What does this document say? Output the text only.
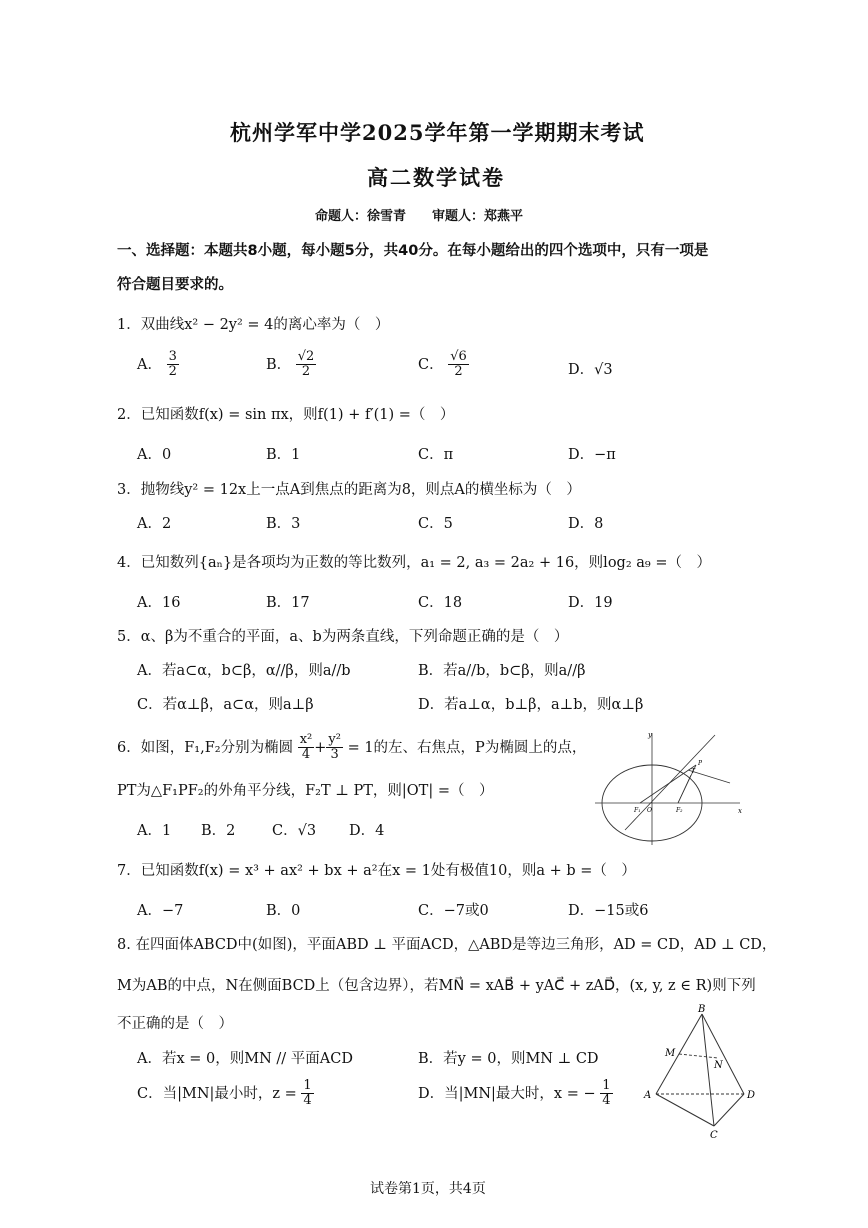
杭州学军中学2025学年第一学期期末考试
高二数学试卷
命题人：徐雪青　　审题人：郑燕平
一、选择题：本题共8小题，每小题5分，共40分。在每小题给出的四个选项中，只有一项是
符合题目要求的。
1．双曲线x² − 2y² = 4的离心率为（　）
A． $\frac{3}{2}$	B． $\frac{√2}{2}$	C． $\frac{√6}{2}$	D．√3
2．已知函数f(x) = sin πx，则f(1) + f′(1) =（　）
A．0	B．1	C．π	D．−π
3．抛物线y² = 12x上一点A到焦点的距离为8，则点A的横坐标为（　）
A．2	B．3	C．5	D．8
4．已知数列{aₙ}是各项均为正数的等比数列，a₁ = 2, a₃ = 2a₂ + 16，则log₂ a₉ =（　）
A．16	B．17	C．18	D．19
5．α、β为不重合的平面，a、b为两条直线，下列命题正确的是（　）
A．若a⊂α，b⊂β，α//β，则a//b	B．若a//b，b⊂β，则a//β
C．若α⊥β，a⊂α，则a⊥β	D．若a⊥α，b⊥β，a⊥b，则α⊥β
6．如图，F₁,F₂分别为椭圆 $\frac{\text{x²}}{4} + \frac{\text{y²}}{3} = 1$的左、右焦点，P为椭圆上的点，
PT为△F₁PF₂的外角平分线，F₂T ⊥ PT，则|OT| =（　）
A．1 B．2	C．√3 D．4
y
x
O
F₁	F₂
P
T
7．已知函数f(x) = x³ + ax² + bx + a²在x = 1处有极值10，则a + b =（　）
A．−7	B．0	C．−7或0	D．−15或6
8. 在四面体ABCD中(如图)，平面ABD ⊥ 平面ACD，△ABD是等边三角形，AD = CD，AD ⊥ CD，
M为AB的中点，N在侧面BCD上（包含边界），若MN⃗ = xAB⃗ + yAC⃗ + zAD⃗，(x, y, z ∈ R)则下列
不正确的是（　）
A．若x = 0，则MN // 平面ACD	B．若y = 0，则MN ⊥ CD
C．当|MN|最小时，$z = \frac{1}{4}$	D．当|MN|最大时，x = − $\frac{1}{4}$
B
M
N
A	D
C
试卷第1页，共4页
